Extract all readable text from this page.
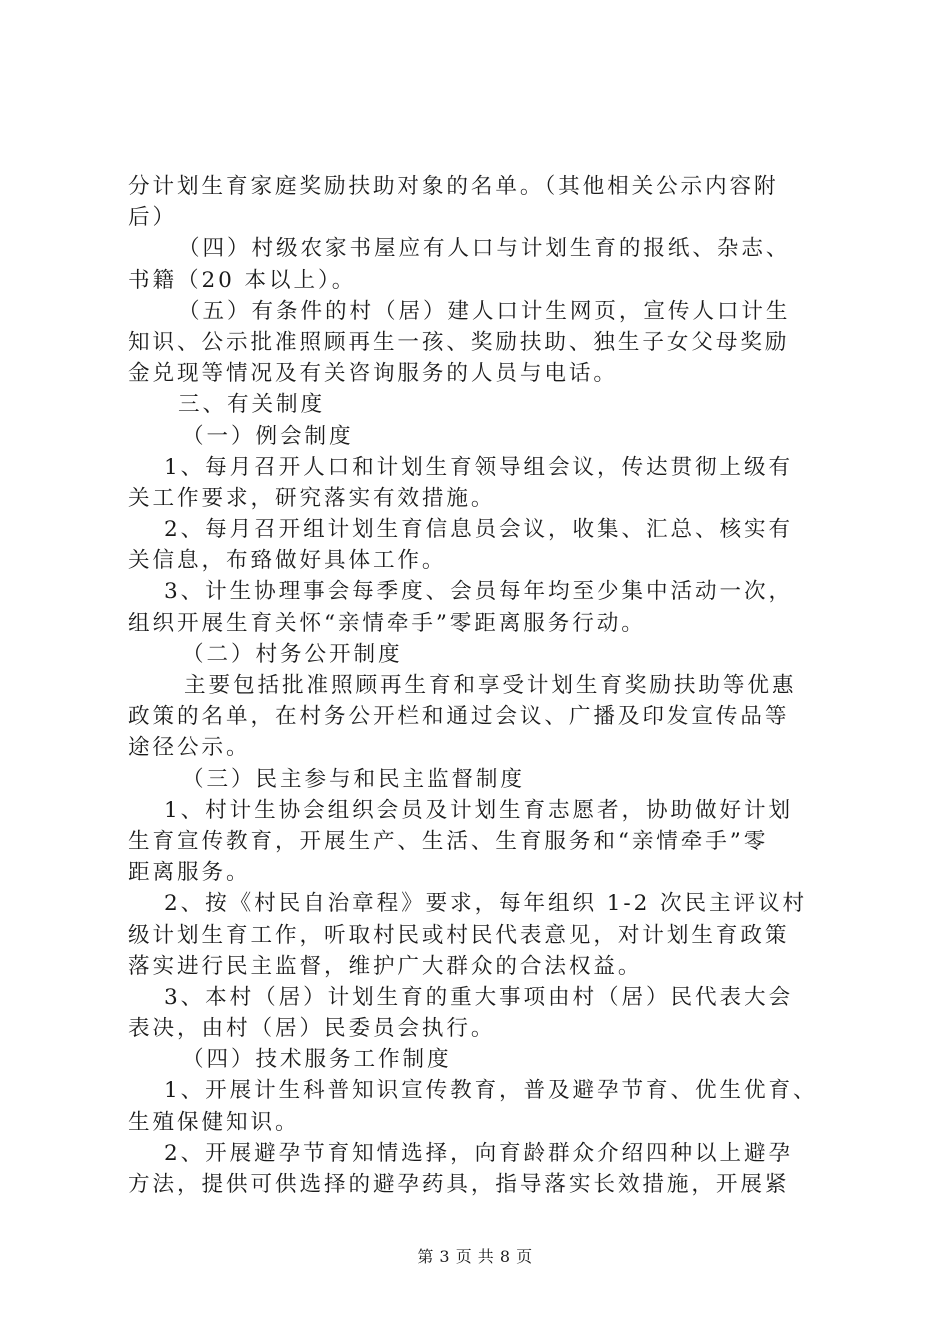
分计划生育家庭奖励扶助对象的名单。（其他相关公示内容附
后）
（四）村级农家书屋应有人口与计划生育的报纸、杂志、
书籍（20 本以上）。
（五）有条件的村（居）建人口计生网页，宣传人口计生
知识、公示批准照顾再生一孩、奖励扶助、独生子女父母奖励
金兑现等情况及有关咨询服务的人员与电话。
三、有关制度
（一）例会制度
1、每月召开人口和计划生育领导组会议，传达贯彻上级有
关工作要求，研究落实有效措施。
2、每月召开组计划生育信息员会议，收集、汇总、核实有
关信息，布臵做好具体工作。
3、计生协理事会每季度、会员每年均至少集中活动一次，
组织开展生育关怀“亲情牵手”零距离服务行动。
（二）村务公开制度
主要包括批准照顾再生育和享受计划生育奖励扶助等优惠
政策的名单，在村务公开栏和通过会议、广播及印发宣传品等
途径公示。
（三）民主参与和民主监督制度
1、村计生协会组织会员及计划生育志愿者，协助做好计划
生育宣传教育，开展生产、生活、生育服务和“亲情牵手”零
距离服务。
2、按《村民自治章程》要求，每年组织 1-2 次民主评议村
级计划生育工作，听取村民或村民代表意见，对计划生育政策
落实进行民主监督，维护广大群众的合法权益。
3、本村（居）计划生育的重大事项由村（居）民代表大会
表决，由村（居）民委员会执行。
（四）技术服务工作制度
1、开展计生科普知识宣传教育，普及避孕节育、优生优育、
生殖保健知识。
2、开展避孕节育知情选择，向育龄群众介绍四种以上避孕
方法，提供可供选择的避孕药具，指导落实长效措施，开展紧
第 3 页 共 8 页
